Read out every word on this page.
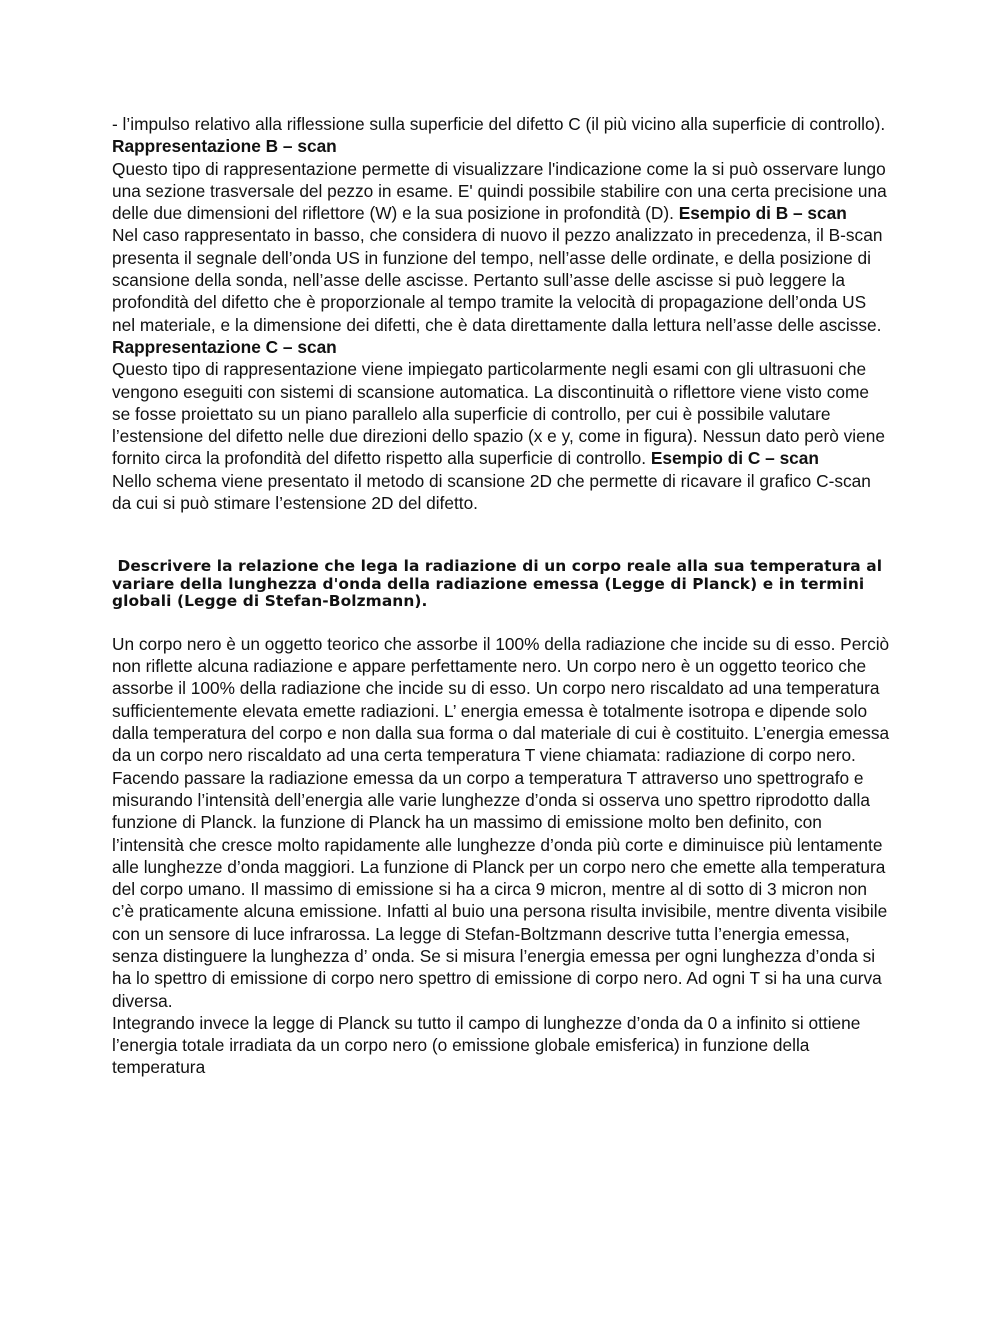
- l’impulso relativo alla riflessione sulla superficie del difetto C (il più vicino alla superficie di controllo).

Rappresentazione B – scan

Questo tipo di rappresentazione permette di visualizzare l'indicazione come la si può osservare lungo una sezione trasversale del pezzo in esame. E' quindi possibile stabilire con una certa precisione una delle due dimensioni del riflettore (W) e la sua posizione in profondità (D). Esempio di B – scan

Nel caso rappresentato in basso, che considera di nuovo il pezzo analizzato in precedenza, il B-scan presenta il segnale dell’onda US in funzione del tempo, nell’asse delle ordinate, e della posizione di scansione della sonda, nell’asse delle ascisse. Pertanto sull’asse delle ascisse si può leggere la profondità del difetto che è proporzionale al tempo tramite la velocità di propagazione dell’onda US nel materiale, e la dimensione dei difetti, che è data direttamente dalla lettura nell’asse delle ascisse. Rappresentazione C – scan

Questo tipo di rappresentazione viene impiegato particolarmente negli esami con gli ultrasuoni che vengono eseguiti con sistemi di scansione automatica. La discontinuità o riflettore viene visto come se fosse proiettato su un piano parallelo alla superficie di controllo, per cui è possibile valutare l’estensione del difetto nelle due direzioni dello spazio (x e y, come in figura). Nessun dato però viene fornito circa la profondità del difetto rispetto alla superficie di controllo. Esempio di C – scan

Nello schema viene presentato il metodo di scansione 2D che permette di ricavare il grafico C-scan da cui si può stimare l’estensione 2D del difetto.

Descrivere la relazione che lega la radiazione di un corpo reale alla sua temperatura al variare della lunghezza d'onda della radiazione emessa (Legge di Planck) e in termini globali (Legge di Stefan-Bolzmann).

Un corpo nero è un oggetto teorico che assorbe il 100% della radiazione che incide su di esso. Perciò non riflette alcuna radiazione e appare perfettamente nero. Un corpo nero è un oggetto teorico che assorbe il 100% della radiazione che incide su di esso. Un corpo nero riscaldato ad una temperatura sufficientemente elevata emette radiazioni. L’ energia emessa è totalmente isotropa e dipende solo dalla temperatura del corpo e non dalla sua forma o dal materiale di cui è costituito. L’energia emessa da un corpo nero riscaldato ad una certa temperatura T viene chiamata: radiazione di corpo nero. Facendo passare la radiazione emessa da un corpo a temperatura T attraverso uno spettrografo e misurando l’intensità dell’energia alle varie lunghezze d’onda si osserva uno spettro riprodotto dalla funzione di Planck. la funzione di Planck ha un massimo di emissione molto ben definito, con l’intensità che cresce molto rapidamente alle lunghezze d’onda più corte e diminuisce più lentamente alle lunghezze d’onda maggiori. La funzione di Planck per un corpo nero che emette alla temperatura del corpo umano. Il massimo di emissione si ha a circa 9 micron, mentre al di sotto di 3 micron non c’è praticamente alcuna emissione. Infatti al buio una persona risulta invisibile, mentre diventa visibile con un sensore di luce infrarossa. La legge di Stefan-Boltzmann descrive tutta l’energia emessa, senza distinguere la lunghezza d’ onda. Se si misura l’energia emessa per ogni lunghezza d’onda si ha lo spettro di emissione di corpo nero spettro di emissione di corpo nero. Ad ogni T si ha una curva diversa.

Integrando invece la legge di Planck su tutto il campo di lunghezze d’onda da 0 a infinito si ottiene l’energia totale irradiata da un corpo nero (o emissione globale emisferica) in funzione della temperatura
